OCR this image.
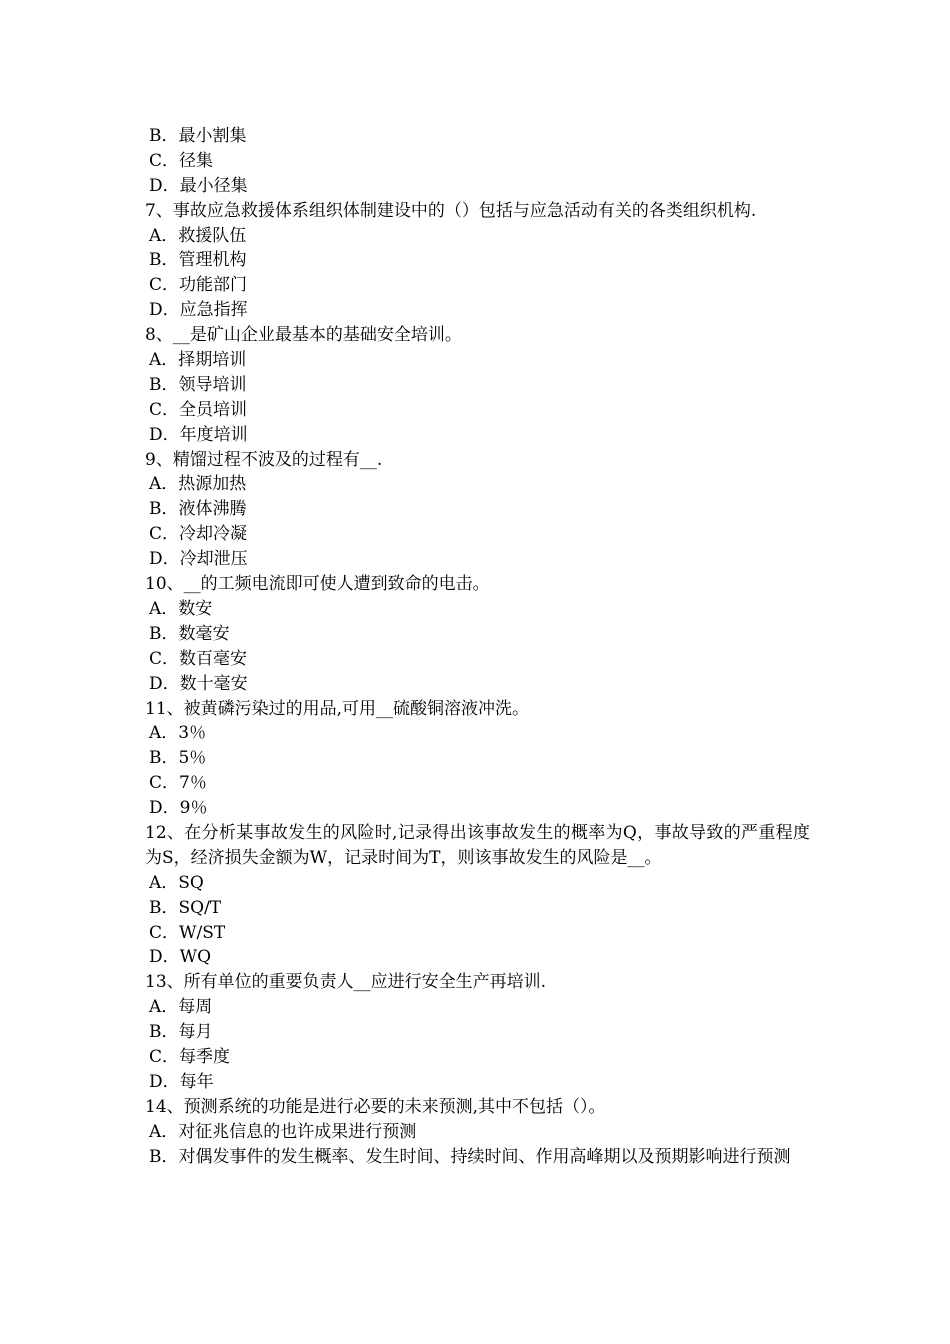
B．最小割集
C．径集
D．最小径集
7、事故应急救援体系组织体制建设中的（）包括与应急活动有关的各类组织机构.
A．救援队伍
B．管理机构
C．功能部门
D．应急指挥
8、__是矿山企业最基本的基础安全培训。
A．择期培训
B．领导培训
C．全员培训
D．年度培训
9、精馏过程不波及的过程有__.
A．热源加热
B．液体沸腾
C．冷却冷凝
D．冷却泄压
10、__的工频电流即可使人遭到致命的电击。
A．数安
B．数毫安
C．数百毫安
D．数十毫安
11、被黄磷污染过的用品,可用__硫酸铜溶液冲洗。
A．3％
B．5％
C．7％
D．9％
12、在分析某事故发生的风险时,记录得出该事故发生的概率为Q，事故导致的严重程度为S，经济损失金额为W，记录时间为T，则该事故发生的风险是__。
A．SQ
B．SQ/T
C．W/ST
D．WQ
13、所有单位的重要负责人__应进行安全生产再培训.
A．每周
B．每月
C．每季度
D．每年
14、预测系统的功能是进行必要的未来预测,其中不包括（）。
A．对征兆信息的也许成果进行预测
B．对偶发事件的发生概率、发生时间、持续时间、作用高峰期以及预期影响进行预测
